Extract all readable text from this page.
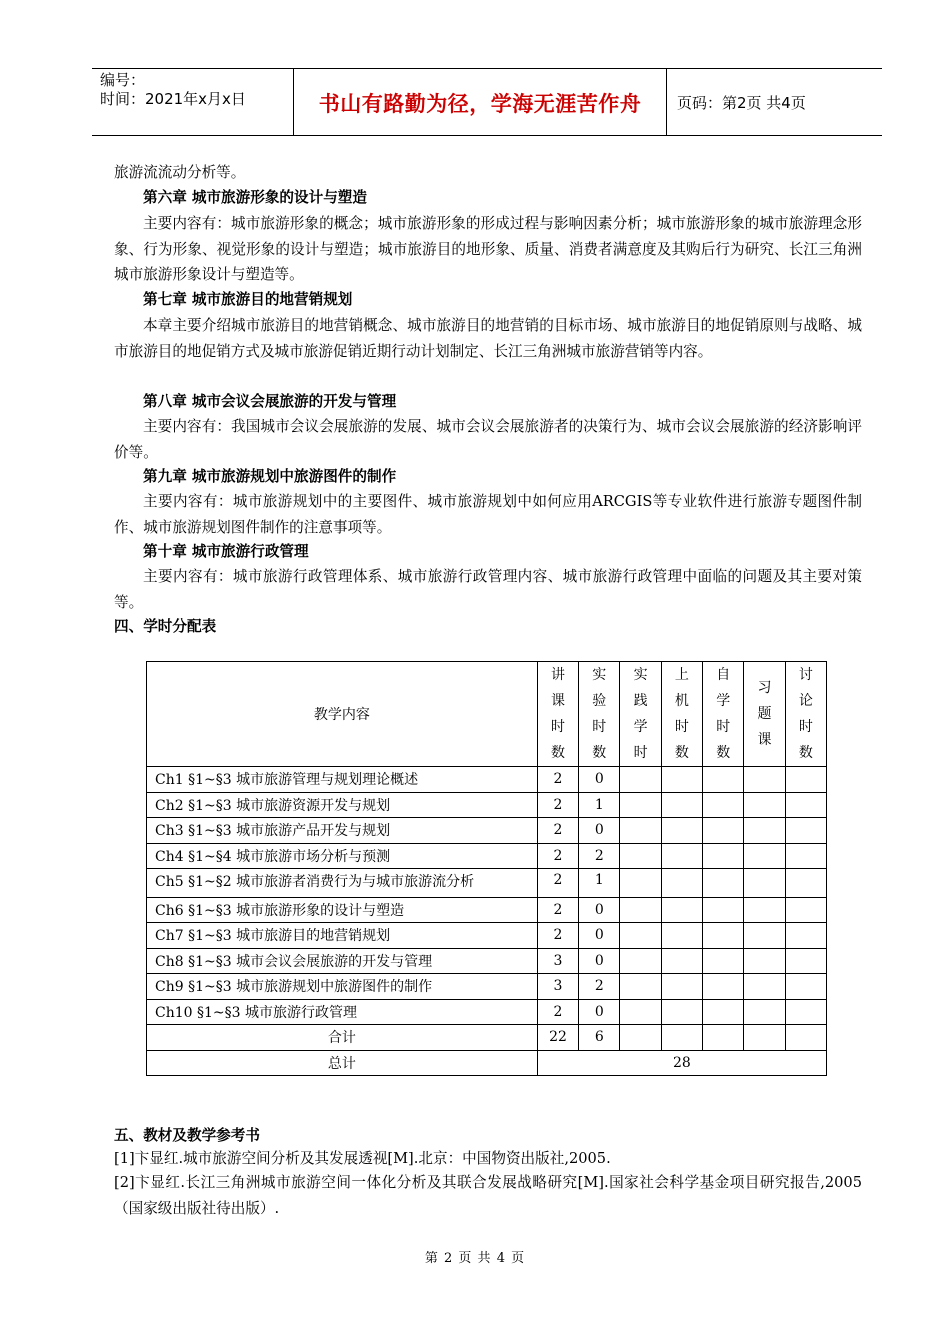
编号：
时间：2021年x月x日	书山有路勤为径，学海无涯苦作舟	页码：第2页 共4页
旅游流流动分析等。
第六章 城市旅游形象的设计与塑造
主要内容有：城市旅游形象的概念；城市旅游形象的形成过程与影响因素分析；城市旅游形象的城市旅游理念形象、行为形象、视觉形象的设计与塑造；城市旅游目的地形象、质量、消费者满意度及其购后行为研究、长江三角洲城市旅游形象设计与塑造等。
第七章 城市旅游目的地营销规划
本章主要介绍城市旅游目的地营销概念、城市旅游目的地营销的目标市场、城市旅游目的地促销原则与战略、城市旅游目的地促销方式及城市旅游促销近期行动计划制定、长江三角洲城市旅游营销等内容。
第八章 城市会议会展旅游的开发与管理
主要内容有：我国城市会议会展旅游的发展、城市会议会展旅游者的决策行为、城市会议会展旅游的经济影响评价等。
第九章 城市旅游规划中旅游图件的制作
主要内容有：城市旅游规划中的主要图件、城市旅游规划中如何应用ARCGIS等专业软件进行旅游专题图件制作、城市旅游规划图件制作的注意事项等。
第十章 城市旅游行政管理
主要内容有：城市旅游行政管理体系、城市旅游行政管理内容、城市旅游行政管理中面临的问题及其主要对策等。
四、学时分配表
教学内容	讲课时数	实验时数	实践学时	上机时数	自学时数	习题课	讨论时数
Ch1 §1~§3 城市旅游管理与规划理论概述	2	0					
Ch2 §1~§3 城市旅游资源开发与规划	2	1					
Ch3 §1~§3 城市旅游产品开发与规划	2	0					
Ch4 §1~§4 城市旅游市场分析与预测	2	2					
Ch5 §1~§2 城市旅游者消费行为与城市旅游流分析	2	1					
Ch6 §1~§3 城市旅游形象的设计与塑造	2	0					
Ch7 §1~§3 城市旅游目的地营销规划	2	0					
Ch8 §1~§3 城市会议会展旅游的开发与管理	3	0					
Ch9 §1~§3 城市旅游规划中旅游图件的制作	3	2					
Ch10 §1~§3 城市旅游行政管理	2	0					
合计	22	6					
总计	28						
五、教材及教学参考书
[1]卞显红.城市旅游空间分析及其发展透视[M].北京：中国物资出版社,2005.
[2]卞显红.长江三角洲城市旅游空间一体化分析及其联合发展战略研究[M].国家社会科学基金项目研究报告,2005（国家级出版社待出版）.
第 2 页 共 4 页
